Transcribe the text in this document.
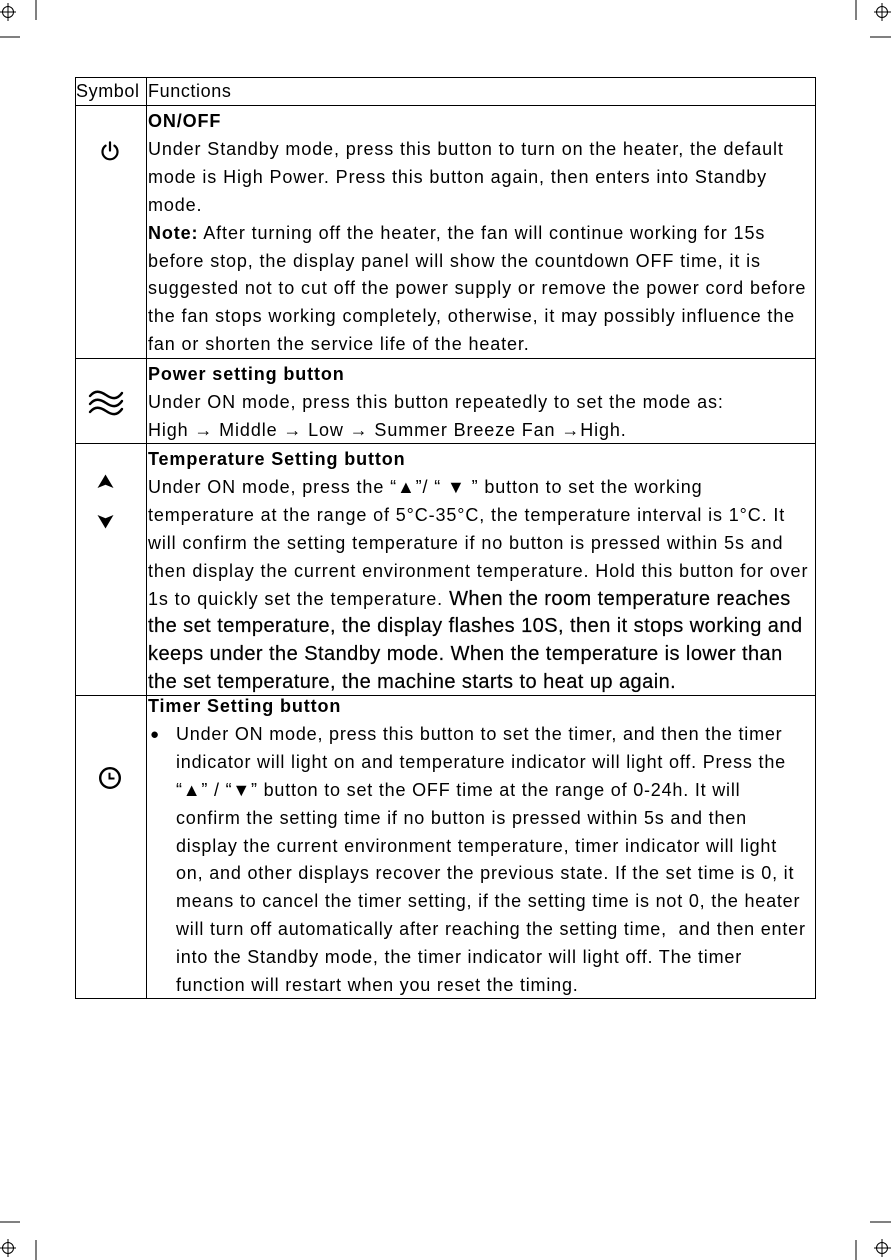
Symbol Functions
ON/OFF
Under Standby mode, press this button to turn on the heater, the default
mode is High Power. Press this button again, then enters into Standby
mode.
Note: After turning off the heater, the fan will continue working for 15s
before stop, the display panel will show the countdown OFF time, it is
suggested not to cut off the power supply or remove the power cord before
the fan stops working completely, otherwise, it may possibly influence the
fan or shorten the service life of the heater.
Power setting button
Under ON mode, press this button repeatedly to set the mode as:
High → Middle → Low → Summer Breeze Fan →High.
Temperature Setting button
Under ON mode, press the “▲”/ “ ▼ ” button to set the working
temperature at the range of 5°C-35°C, the temperature interval is 1°C. It
will confirm the setting temperature if no button is pressed within 5s and
then display the current environment temperature. Hold this button for over
1s to quickly set the temperature. When the room temperature reaches
the set temperature, the display flashes 10S, then it stops working and
keeps under the Standby mode. When the temperature is lower than
the set temperature, the machine starts to heat up again.
Timer Setting button
● Under ON mode, press this button to set the timer, and then the timer
indicator will light on and temperature indicator will light off. Press the
“▲” / “▼” button to set the OFF time at the range of 0-24h. It will
confirm the setting time if no button is pressed within 5s and then
display the current environment temperature, timer indicator will light
on, and other displays recover the previous state. If the set time is 0, it
means to cancel the timer setting, if the setting time is not 0, the heater
will turn off automatically after reaching the setting time,  and then enter
into the Standby mode, the timer indicator will light off. The timer
function will restart when you reset the timing.
